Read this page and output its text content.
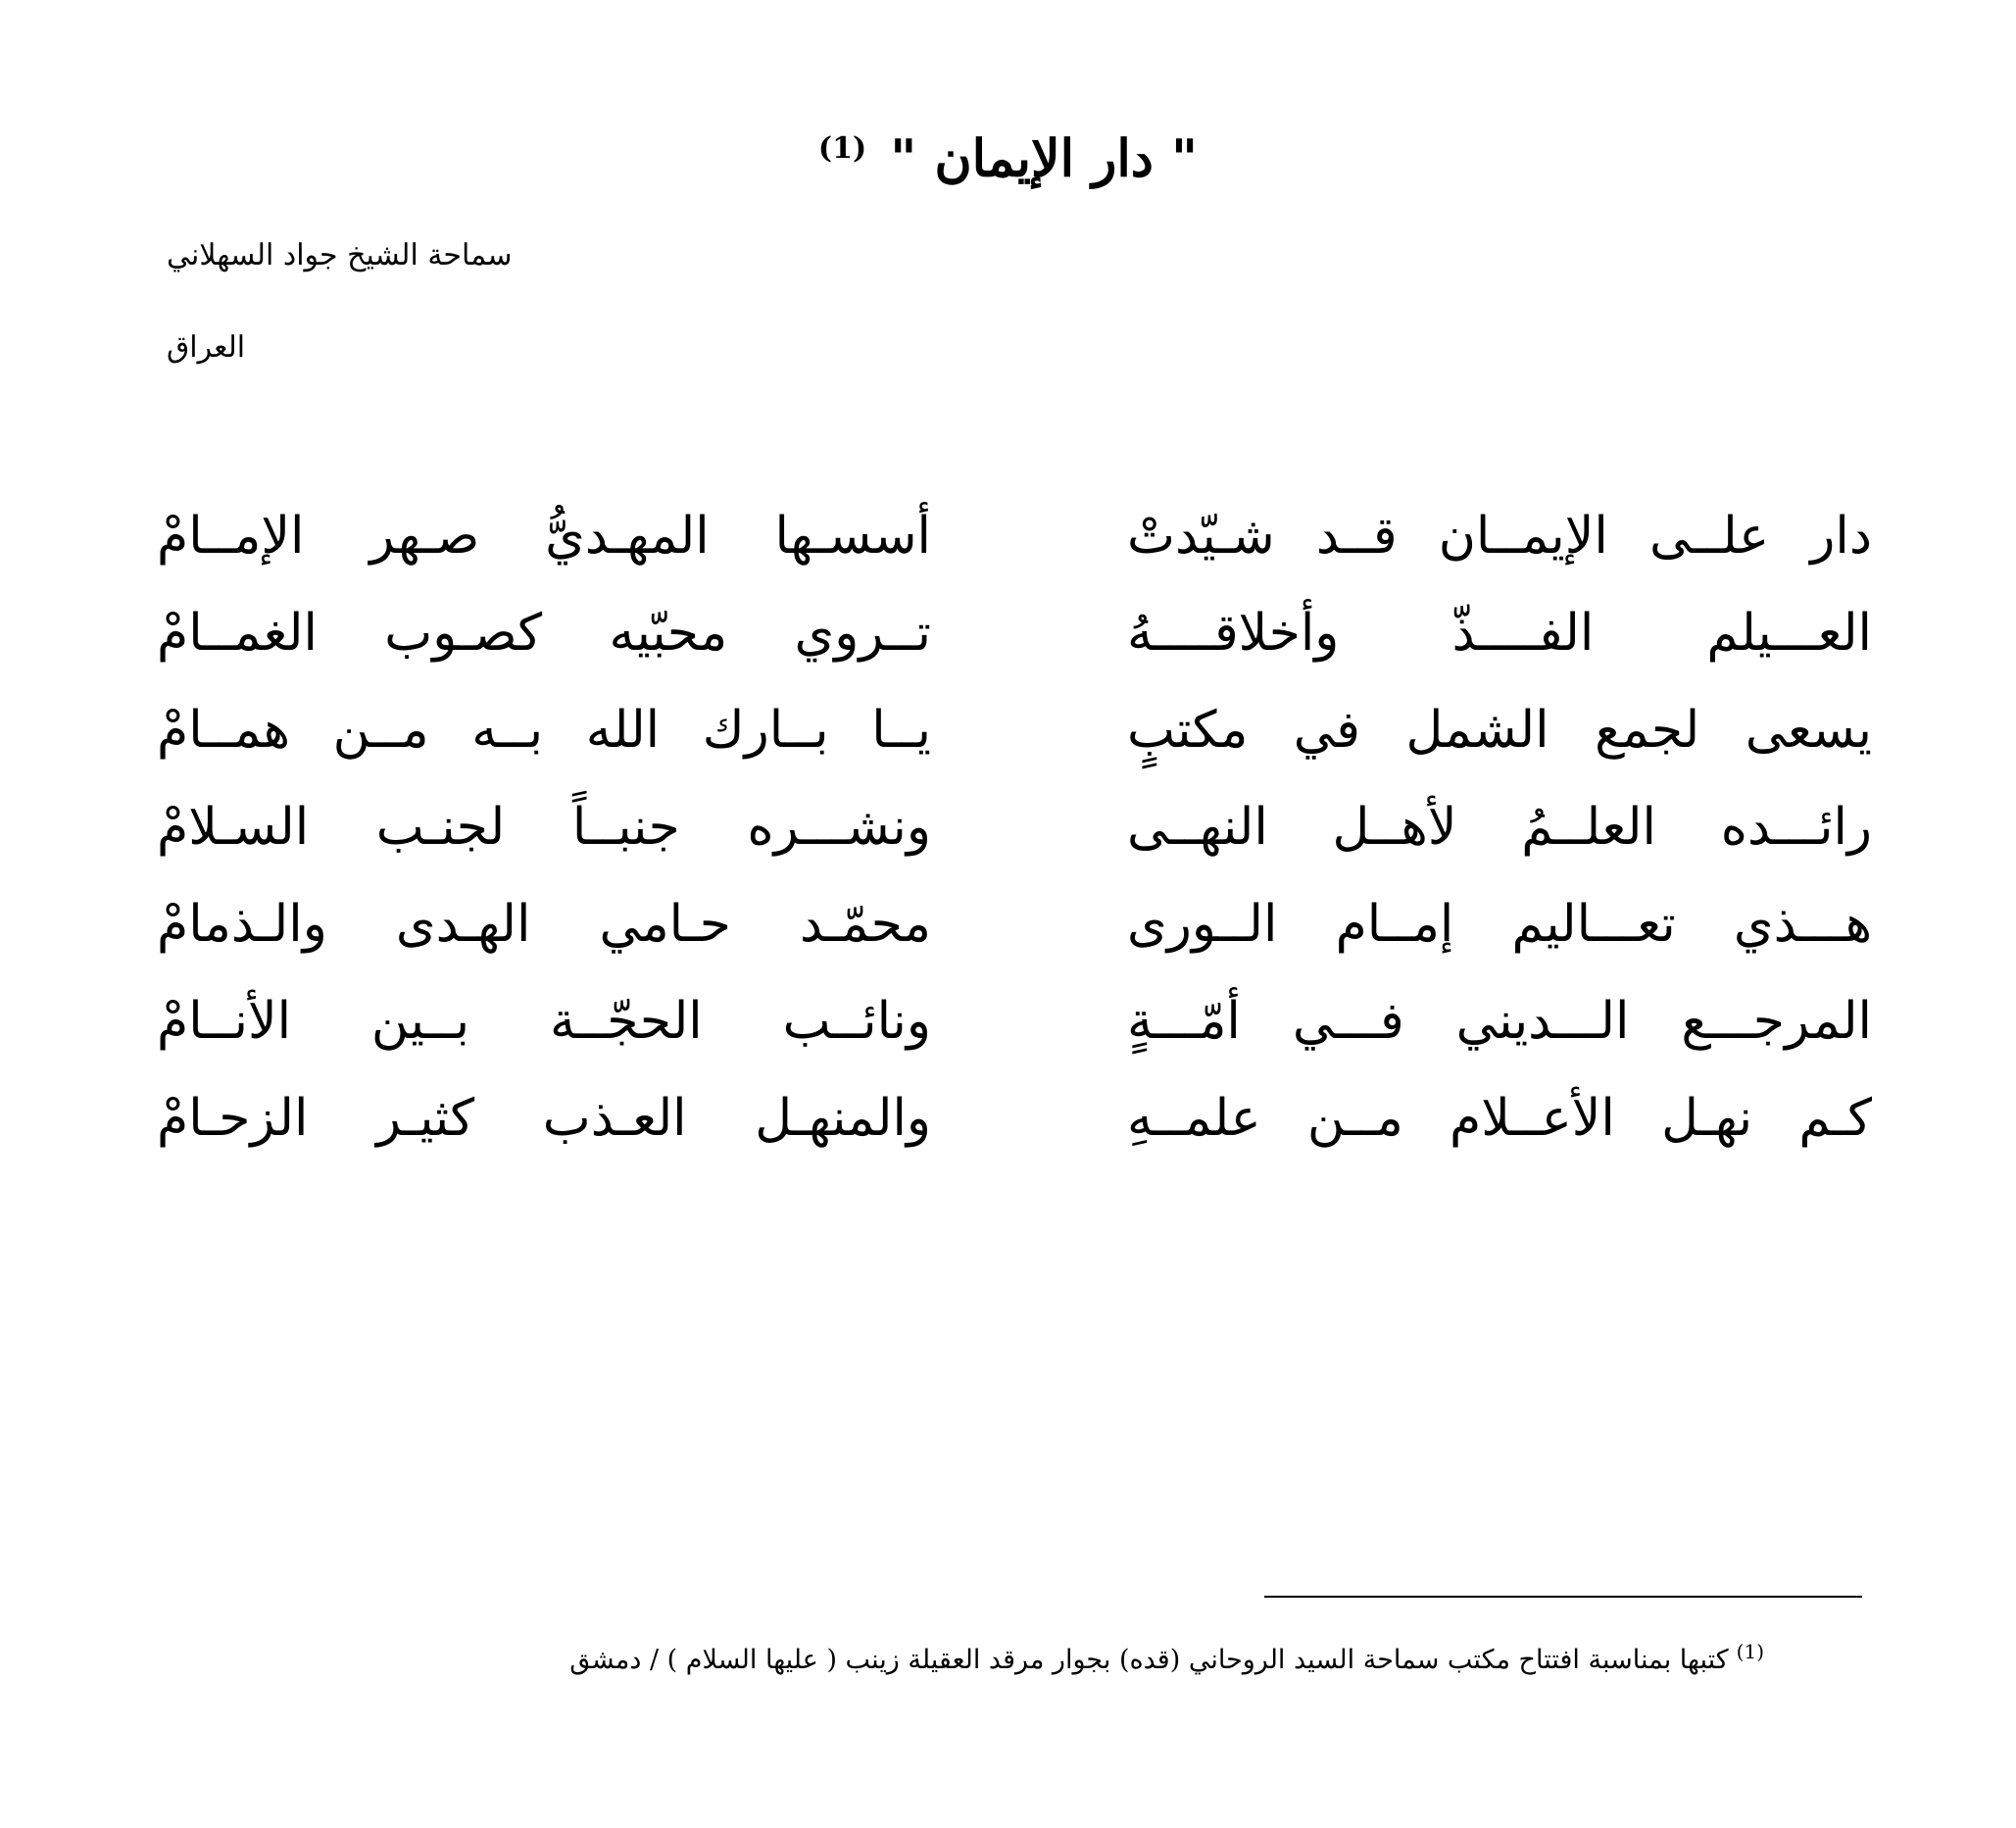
" دار الإيمان " $^{(1)}$
سماحة الشيخ جواد السهلاني
العراق
دار علــى الإيمــان قــد شـيّدتْ
أسسـها المهـديُّ صـهر الإمــامْ
العـــيلم الفــــذّ وأخلاقــــهُ
تــروي محبّيه كصـوب الغمــامْ
يسعى لجمع الشمل في مكتبٍ
يــا بــارك الله بــه مــن همــامْ
رائـــده العلــمُ لأهــل النهــى
ونشـــره جنبــاً لجنـب السـلامْ
هـــذي تعـــاليم إمــام الــورى
محمّـد حـامي الهـدى والـذمامْ
المرجـــع الـــديني فـــي أمّـــةٍ
ونائــب الحجّــة بــين الأنــامْ
كـم نهـل الأعــلام مــن علمــهِ
والمنهـل العـذب كثيـر الزحـامْ
$^{(1)}$كتبها بمناسبة افتتاح مكتب سماحة السيد الروحاني (قده) بجوار مرقد العقيلة زينب ( عليها السلام ) / دمشق
